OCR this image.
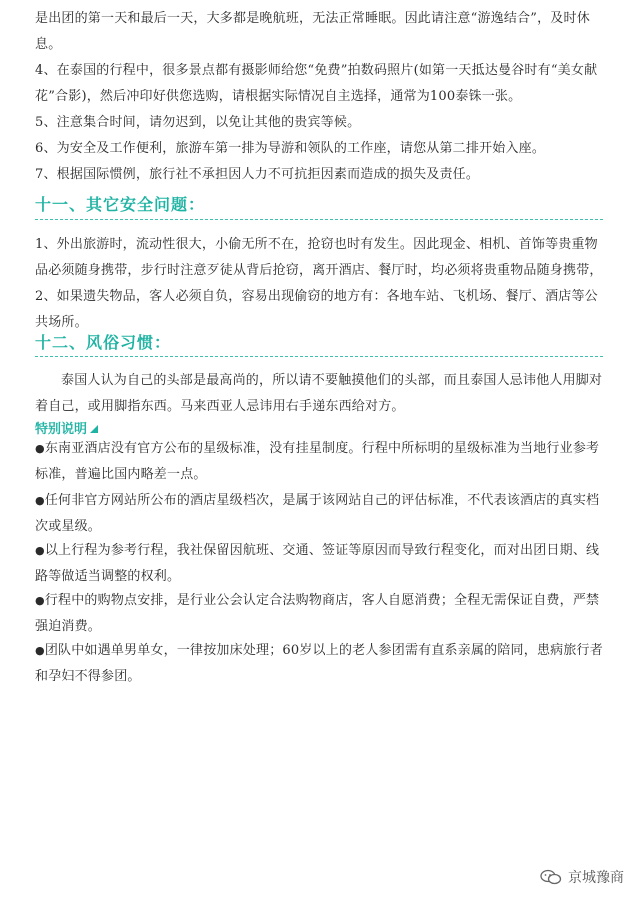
是出团的第一天和最后一天，大多都是晚航班，无法正常睡眠。因此请注意“游逸结合”，及时休息。

4、在泰国的行程中，很多景点都有摄影师给您“免费”拍数码照片(如第一天抵达曼谷时有“美女献花”合影)，然后冲印好供您选购，请根据实际情况自主选择，通常为100泰铢一张。

5、注意集合时间，请勿迟到，以免让其他的贵宾等候。

6、为安全及工作便利，旅游车第一排为导游和领队的工作座，请您从第二排开始入座。

7、根据国际惯例，旅行社不承担因人力不可抗拒因素而造成的损失及责任。

十一、其它安全问题：

1、外出旅游时，流动性很大，小偷无所不在，抢窃也时有发生。因此现金、相机、首饰等贵重物品必须随身携带，步行时注意歹徒从背后抢窃，离开酒店、餐厅时，均必须将贵重物品随身携带，

2、如果遗失物品，客人必须自负，容易出现偷窃的地方有：各地车站、飞机场、餐厅、酒店等公共场所。

十二、风俗习惯：

泰国人认为自己的头部是最高尚的，所以请不要触摸他们的头部，而且泰国人忌讳他人用脚对着自己，或用脚指东西。马来西亚人忌讳用右手递东西给对方。

特别说明

●东南亚酒店没有官方公布的星级标准，没有挂星制度。行程中所标明的星级标准为当地行业参考标准，普遍比国内略差一点。

●任何非官方网站所公布的酒店星级档次，是属于该网站自己的评估标准，不代表该酒店的真实档次或星级。

●以上行程为参考行程，我社保留因航班、交通、签证等原因而导致行程变化，而对出团日期、线路等做适当调整的权利。

●行程中的购物点安排，是行业公会认定合法购物商店，客人自愿消费；全程无需保证自费，严禁强迫消费。

●团队中如遇单男单女，一律按加床处理；60岁以上的老人参团需有直系亲属的陪同，患病旅行者和孕妇不得参团。

京城豫商
